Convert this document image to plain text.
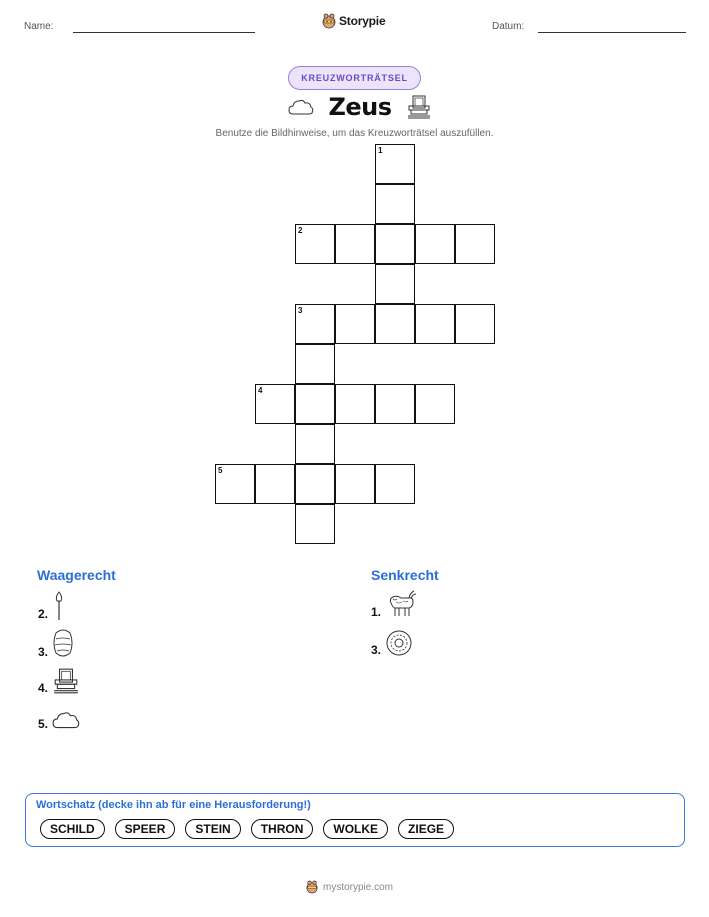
Name:	Storypie	Datum:
KREUZWORTRÄTSEL
Zeus
Benutze die Bildhinweise, um das Kreuzworträtsel auszufüllen.
1
2
3
4
5
Waagerecht	Senkrecht
2.
3.
4.
5.
1.
3.
Wortschatz (decke ihn ab für eine Herausforderung!)
SCHILD	SPEER	STEIN	THRON	WOLKE	ZIEGE
mystorypie.com
